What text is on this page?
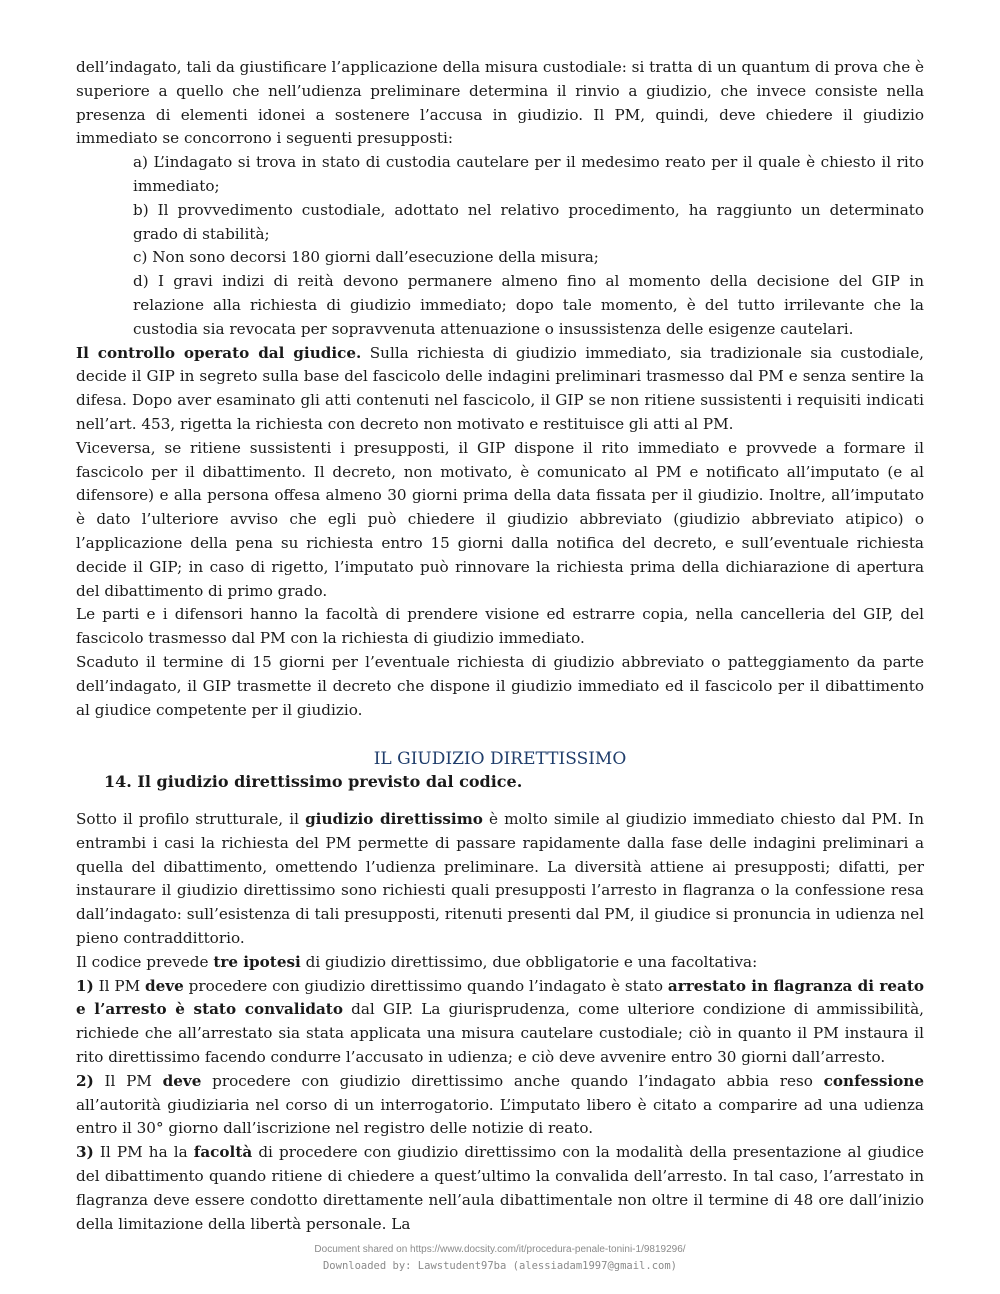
dell’indagato, tali da giustificare l’applicazione della misura custodiale: si tratta di un quantum di prova che è superiore a quello che nell’udienza preliminare determina il rinvio a giudizio, che invece consiste nella presenza di elementi idonei a sostenere l’accusa in giudizio. Il PM, quindi, deve chiedere il giudizio immediato se concorrono i seguenti presupposti:

a) L’indagato si trova in stato di custodia cautelare per il medesimo reato per il quale è chiesto il rito immediato;

b) Il provvedimento custodiale, adottato nel relativo procedimento, ha raggiunto un determinato grado di stabilità;

c) Non sono decorsi 180 giorni dall’esecuzione della misura;

d) I gravi indizi di reità devono permanere almeno fino al momento della decisione del GIP in relazione alla richiesta di giudizio immediato; dopo tale momento, è del tutto irrilevante che la custodia sia revocata per sopravvenuta attenuazione o insussistenza delle esigenze cautelari.

Il controllo operato dal giudice. Sulla richiesta di giudizio immediato, sia tradizionale sia custodiale, decide il GIP in segreto sulla base del fascicolo delle indagini preliminari trasmesso dal PM e senza sentire la difesa. Dopo aver esaminato gli atti contenuti nel fascicolo, il GIP se non ritiene sussistenti i requisiti indicati nell’art. 453, rigetta la richiesta con decreto non motivato e restituisce gli atti al PM.

Viceversa, se ritiene sussistenti i presupposti, il GIP dispone il rito immediato e provvede a formare il fascicolo per il dibattimento. Il decreto, non motivato, è comunicato al PM e notificato all’imputato (e al difensore) e alla persona offesa almeno 30 giorni prima della data fissata per il giudizio. Inoltre, all’imputato è dato l’ulteriore avviso che egli può chiedere il giudizio abbreviato (giudizio abbreviato atipico) o l’applicazione della pena su richiesta entro 15 giorni dalla notifica del decreto, e sull’eventuale richiesta decide il GIP; in caso di rigetto, l’imputato può rinnovare la richiesta prima della dichiarazione di apertura del dibattimento di primo grado.

Le parti e i difensori hanno la facoltà di prendere visione ed estrarre copia, nella cancelleria del GIP, del fascicolo trasmesso dal PM con la richiesta di giudizio immediato.

Scaduto il termine di 15 giorni per l’eventuale richiesta di giudizio abbreviato o patteggiamento da parte dell’indagato, il GIP trasmette il decreto che dispone il giudizio immediato ed il fascicolo per il dibattimento al giudice competente per il giudizio.

IL GIUDIZIO DIRETTISSIMO
14. Il giudizio direttissimo previsto dal codice.

Sotto il profilo strutturale, il giudizio direttissimo è molto simile al giudizio immediato chiesto dal PM. In entrambi i casi la richiesta del PM permette di passare rapidamente dalla fase delle indagini preliminari a quella del dibattimento, omettendo l’udienza preliminare. La diversità attiene ai presupposti; difatti, per instaurare il giudizio direttissimo sono richiesti quali presupposti l’arresto in flagranza o la confessione resa dall’indagato: sull’esistenza di tali presupposti, ritenuti presenti dal PM, il giudice si pronuncia in udienza nel pieno contraddittorio.

Il codice prevede tre ipotesi di giudizio direttissimo, due obbligatorie e una facoltativa:

1) Il PM deve procedere con giudizio direttissimo quando l’indagato è stato arrestato in flagranza di reato e l’arresto è stato convalidato dal GIP. La giurisprudenza, come ulteriore condizione di ammissibilità, richiede che all’arrestato sia stata applicata una misura cautelare custodiale; ciò in quanto il PM instaura il rito direttissimo facendo condurre l’accusato in udienza; e ciò deve avvenire entro 30 giorni dall’arresto.

2) Il PM deve procedere con giudizio direttissimo anche quando l’indagato abbia reso confessione all’autorità giudiziaria nel corso di un interrogatorio. L’imputato libero è citato a comparire ad una udienza entro il 30° giorno dall’iscrizione nel registro delle notizie di reato.

3) Il PM ha la facoltà di procedere con giudizio direttissimo con la modalità della presentazione al giudice del dibattimento quando ritiene di chiedere a quest’ultimo la convalida dell’arresto. In tal caso, l’arrestato in flagranza deve essere condotto direttamente nell’aula dibattimentale non oltre il termine di 48 ore dall’inizio della limitazione della libertà personale. La

Document shared on https://www.docsity.com/it/procedura-penale-tonini-1/9819296/
Downloaded by: Lawstudent97ba (alessiadam1997@gmail.com)
